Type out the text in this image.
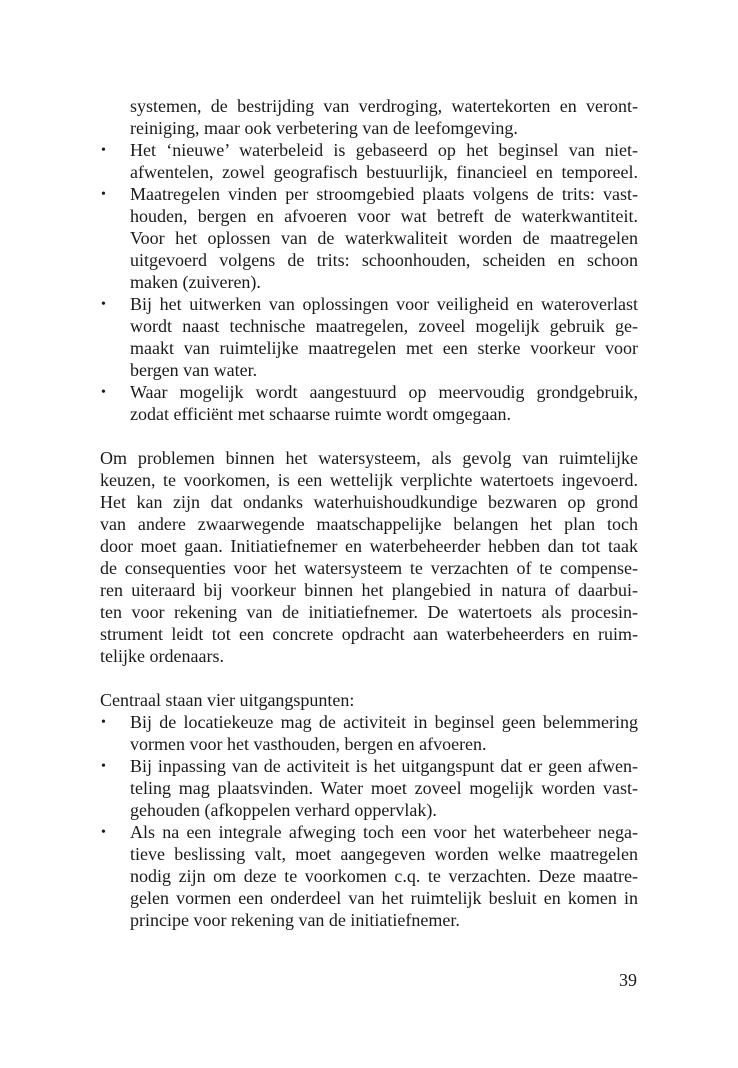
systemen, de bestrijding van verdroging, watertekorten en veront-
reiniging, maar ook verbetering van de leefomgeving.
• Het ‘nieuwe’ waterbeleid is gebaseerd op het beginsel van niet-
afwentelen, zowel geografisch bestuurlijk, financieel en temporeel.
• Maatregelen vinden per stroomgebied plaats volgens de trits: vast-
houden, bergen en afvoeren voor wat betreft de waterkwantiteit.
Voor het oplossen van de waterkwaliteit worden de maatregelen
uitgevoerd volgens de trits: schoonhouden, scheiden en schoon
maken (zuiveren).
• Bij het uitwerken van oplossingen voor veiligheid en wateroverlast
wordt naast technische maatregelen, zoveel mogelijk gebruik ge-
maakt van ruimtelijke maatregelen met een sterke voorkeur voor
bergen van water.
• Waar mogelijk wordt aangestuurd op meervoudig grondgebruik,
zodat efficiënt met schaarse ruimte wordt omgegaan.
Om problemen binnen het watersysteem, als gevolg van ruimtelijke
keuzen, te voorkomen, is een wettelijk verplichte watertoets ingevoerd.
Het kan zijn dat ondanks waterhuishoudkundige bezwaren op grond
van andere zwaarwegende maatschappelijke belangen het plan toch
door moet gaan. Initiatiefnemer en waterbeheerder hebben dan tot taak
de consequenties voor het watersysteem te verzachten of te compense-
ren uiteraard bij voorkeur binnen het plangebied in natura of daarbui-
ten voor rekening van de initiatiefnemer. De watertoets als procesin-
strument leidt tot een concrete opdracht aan waterbeheerders en ruim-
telijke ordenaars.
Centraal staan vier uitgangspunten:
• Bij de locatiekeuze mag de activiteit in beginsel geen belemmering
vormen voor het vasthouden, bergen en afvoeren.
• Bij inpassing van de activiteit is het uitgangspunt dat er geen afwen-
teling mag plaatsvinden. Water moet zoveel mogelijk worden vast-
gehouden (afkoppelen verhard oppervlak).
• Als na een integrale afweging toch een voor het waterbeheer nega-
tieve beslissing valt, moet aangegeven worden welke maatregelen
nodig zijn om deze te voorkomen c.q. te verzachten. Deze maatre-
gelen vormen een onderdeel van het ruimtelijk besluit en komen in
principe voor rekening van de initiatiefnemer.
39
